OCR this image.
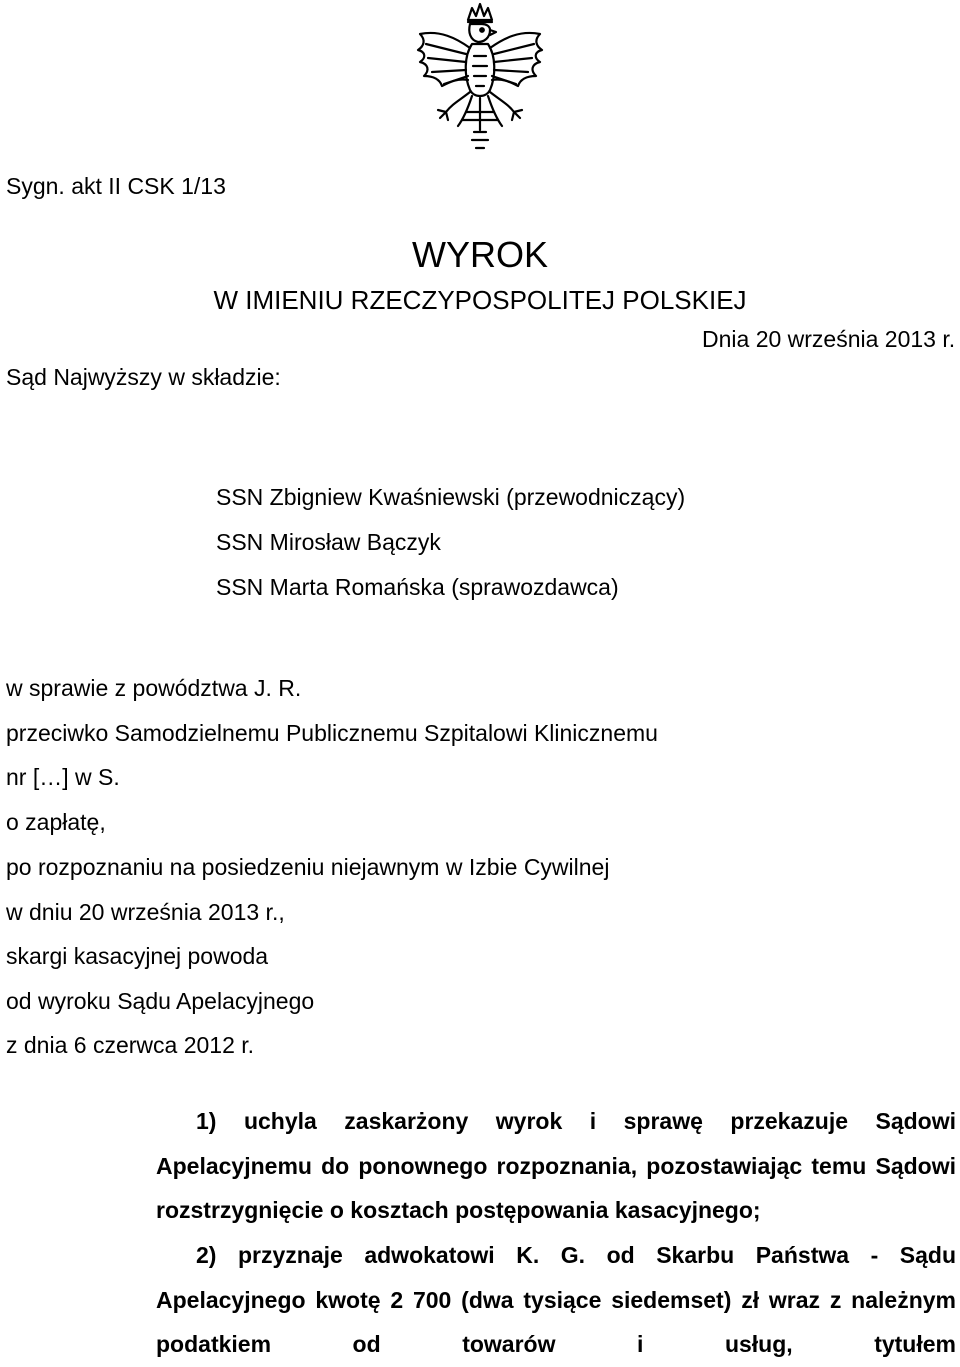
Sygn. akt II CSK 1/13
WYROK
W IMIENIU RZECZYPOSPOLITEJ POLSKIEJ
Dnia 20 września 2013 r.
Sąd Najwyższy w składzie:
SSN Zbigniew Kwaśniewski (przewodniczący)
SSN Mirosław Bączyk
SSN Marta Romańska (sprawozdawca)
w sprawie z powództwa J. R.
przeciwko Samodzielnemu Publicznemu Szpitalowi Klinicznemu
nr […] w S.
o zapłatę,
po rozpoznaniu na posiedzeniu niejawnym w Izbie Cywilnej
w dniu 20 września 2013 r.,
skargi kasacyjnej powoda
od wyroku Sądu Apelacyjnego
z dnia 6 czerwca 2012 r.

1) uchyla zaskarżony wyrok i sprawę przekazuje Sądowi Apelacyjnemu do ponownego rozpoznania, pozostawiając temu Sądowi rozstrzygnięcie o kosztach postępowania kasacyjnego;

2) przyznaje adwokatowi K. G. od Skarbu Państwa - Sądu Apelacyjnego kwotę 2 700 (dwa tysiące siedemset) zł wraz z należnym podatkiem od towarów i usług, tytułem
